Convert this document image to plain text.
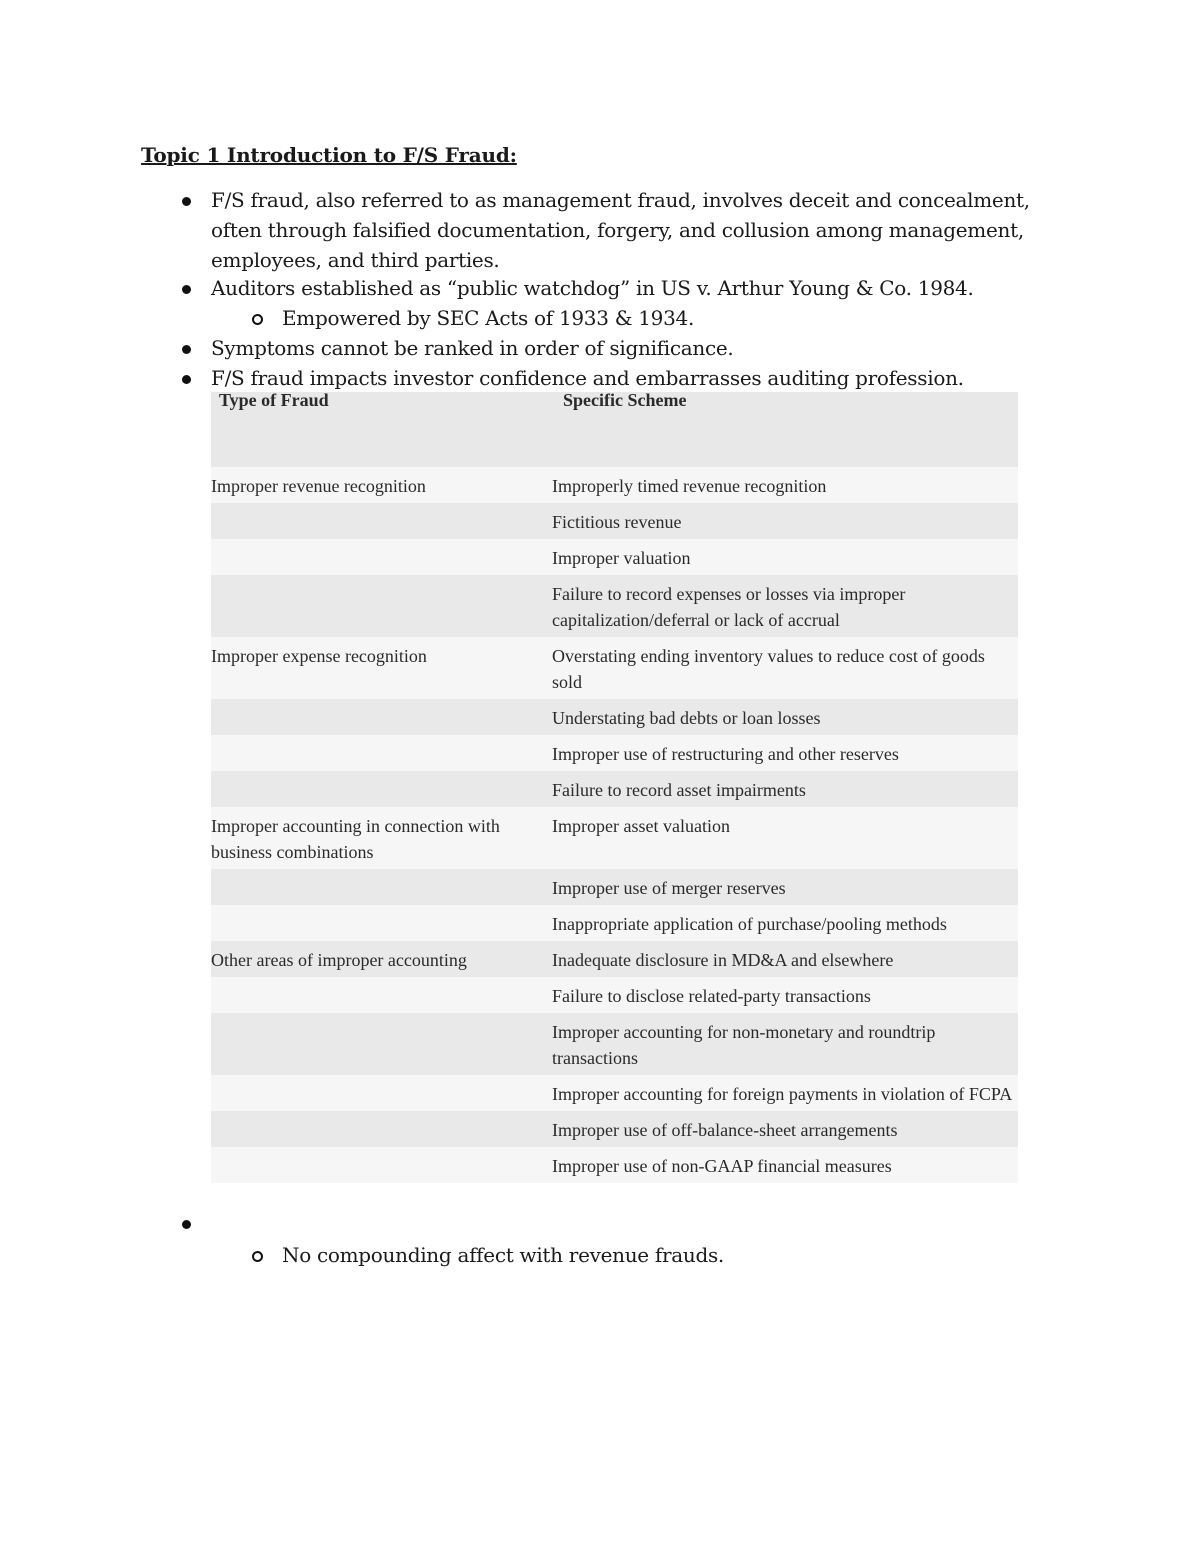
Topic 1 Introduction to F/S Fraud:
F/S fraud, also referred to as management fraud, involves deceit and concealment, often through falsified documentation, forgery, and collusion among management, employees, and third parties.
Auditors established as “public watchdog” in US v. Arthur Young & Co. 1984.
Empowered by SEC Acts of 1933 & 1934.
Symptoms cannot be ranked in order of significance.
F/S fraud impacts investor confidence and embarrasses auditing profession.
Type of Fraud	Specific Scheme
Improper revenue recognition	Improperly timed revenue recognition
	Fictitious revenue
	Improper valuation
	Failure to record expenses or losses via improper capitalization/deferral or lack of accrual
Improper expense recognition	Overstating ending inventory values to reduce cost of goods sold
	Understating bad debts or loan losses
	Improper use of restructuring and other reserves
	Failure to record asset impairments
Improper accounting in connection with business combinations	Improper asset valuation
	Improper use of merger reserves
	Inappropriate application of purchase/pooling methods
Other areas of improper accounting	Inadequate disclosure in MD&A and elsewhere
	Failure to disclose related-party transactions
	Improper accounting for non-monetary and roundtrip transactions
	Improper accounting for foreign payments in violation of FCPA
	Improper use of off-balance-sheet arrangements
	Improper use of non-GAAP financial measures
No compounding affect with revenue frauds.
